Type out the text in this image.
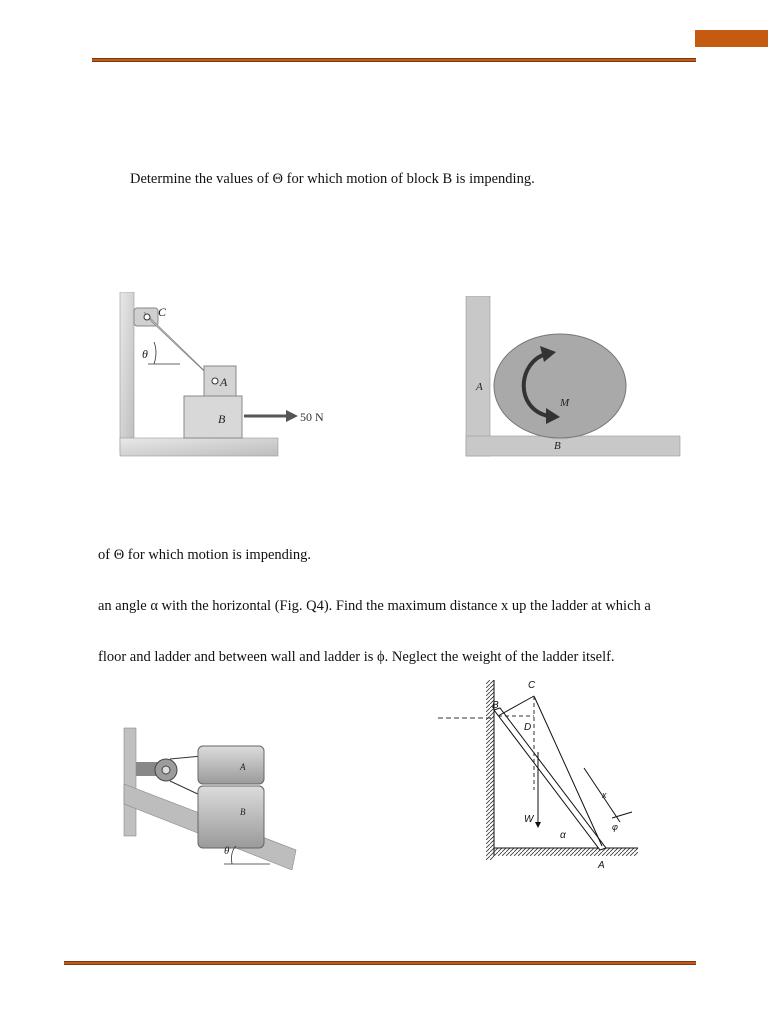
Determine the values of Θ for which motion of block B is impending.
C
θ
A
B	50 N
A
M
B
of Θ for which motion is impending.
an angle α with the horizontal (Fig. Q4). Find the maximum distance x up the ladder at which a
floor and ladder and between wall and ladder is ϕ. Neglect the weight of the ladder itself.
A
B
θ
C
B
D
W
x
α
φ
A
